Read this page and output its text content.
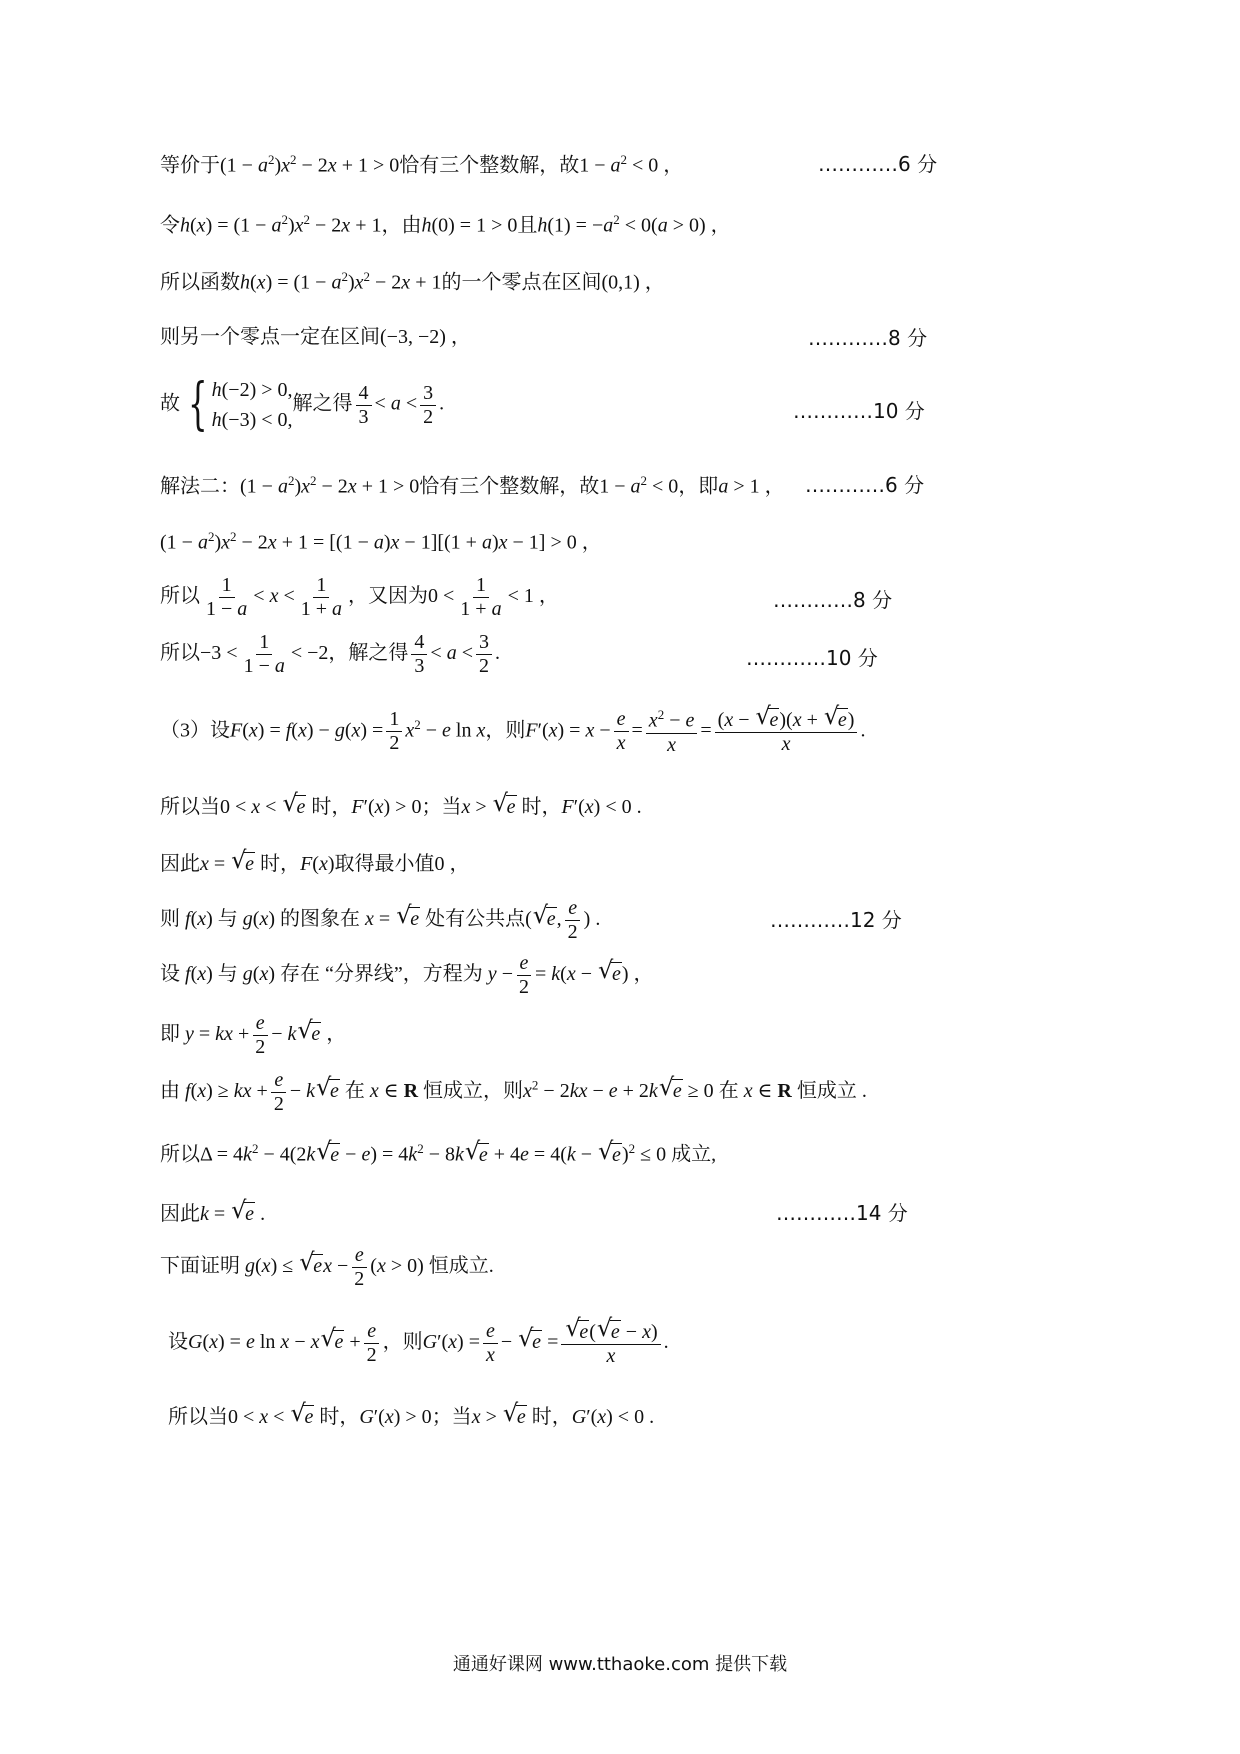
等价于$(1 - a^2)x^2 - 2x + 1 > 0$恰有三个整数解，故$1 - a^2 < 0$ ，	…………6 分
令$h(x) = (1 - a^2)x^2 - 2x + 1$，由h(0) = 1 > 0且$h(1) = -a^2 < 0(a > 0)$ ，
所以函数$h(x) = (1 - a^2)x^2 - 2x + 1$的一个零点在区间(0,1) ，
则另一个零点一定在区间(−3, −2) ，	…………8 分
故 { h(−2) > 0,
h(−3) < 0,
解之得 $\frac{4}{3} < a < \frac{3}{2}$ .	…………10 分
解法二：$(1 - a^2)x^2 - 2x + 1 > 0$恰有三个整数解，故$1 - a^2 < 0$，即a > 1 ， …………6 分
$(1 - a^2)x^2 - 2x + 1 = [(1 - a)x - 1][(1 + a)x - 1] > 0$ ，
所以 $\frac{1}{1 - a} < x < \frac{1}{1 + a}$ ，又因为$0 < \frac{1}{1 + a} < 1$ ，	…………8 分
所以$-3 < \frac{1}{1 - a} < -2$，解之得 $\frac{4}{3} < a < \frac{3}{2}$ .	…………10 分
（3）设$F(x) = f(x) - g(x) = \frac{1}{2} x^2 - e$ ln x，则$F'(x) = x - \frac{e}{x} = \frac{x^2 - e}{x} = \frac{(x - √ e)(x + √ e)}{x}$ .
所以当0 < x < √ e 时，F′(x) > 0；当x > √ e 时，F′(x) < 0 .
因此x = √ e 时，F(x)取得最小值0 ，
则 f(x) 与 g(x) 的图象在 x = √ e 处有公共点(√ e, $\frac{e}{2}$ ) .	…………12 分
设 f(x) 与 g(x) 存在 “分界线”，方程为 $y - \frac{e}{2} = k(x$ − √ e) ，
即 y = kx + $\frac{e}{2} - k√$ e ，
由 f(x) ≥ kx + $\frac{e}{2} - k√$ e 在 x ∈ R 恒成立，则$x^2 - 2kx - e + 2k√$ e ≥ 0 在 x ∈ R 恒成立 .
所以$\Delta = 4k^2 - 4(2k√$ $e - e) = 4k^2 - 8k√$ e + 4e = 4(k − √ e)$^2$ ≤ 0 成立,
因此k = √ e .	…………14 分
下面证明 g(x) ≤ √ ex − $\frac{e}{2} (x > 0)$ 恒成立.
设G(x) = e ln x − x√ $e + \frac{e}{2}$ ，则$G'(x) = \frac{e}{x}$ − √ e =
√ $\frac{e(√ e - x)}{x}$ .
所以当0 < x < √ e 时，G′(x) > 0；当x > √ e 时，G′(x) < 0 .
通通好课网 www.tthaoke.com 提供下载
